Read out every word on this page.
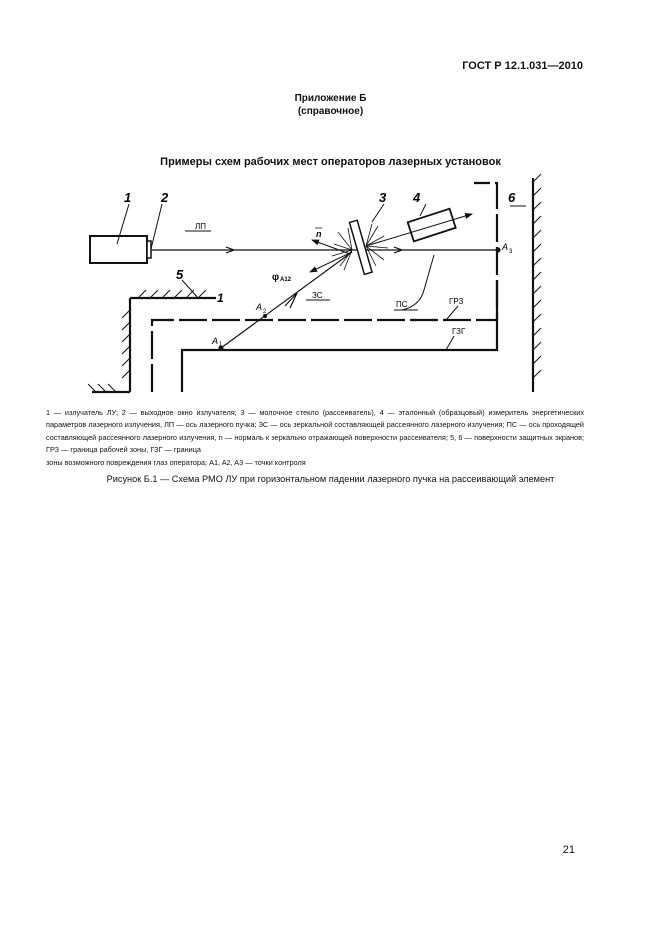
ГОСТ Р 12.1.031—2010
Приложение Б
(справочное)
Примеры схем рабочих мест операторов лазерных установок
1 2	3 4
5
6
1
ЛП
ЗС
ПС	ГРЗ
ГЗГ
n
φ A12
A 1
A 2
A 3
1 — излучатель ЛУ; 2 — выходное окно излучателя; 3 — молочное стекло (рассеиватель), 4 — эталонный (образцовый) измеритель энергетических параметров лазерного излучения, ЛП — ось лазерного пучка; ЗС — ось зеркальной составляющей рассеянного лазерного излучения; ПС — ось проходящей составляющей рассеянного лазерного излучения, n — нормаль к зеркально отражающей поверхности рассеивателя; 5, 6 — поверхности защитных экранов; ГРЗ — граница рабочей зоны, ГЗГ — граница
зоны возможного повреждения глаз оператора; A1, A2, A3 — точки контроля
Рисунок Б.1 — Схема РМО ЛУ при горизонтальном падении лазерного пучка на рассеивающий элемент
21
